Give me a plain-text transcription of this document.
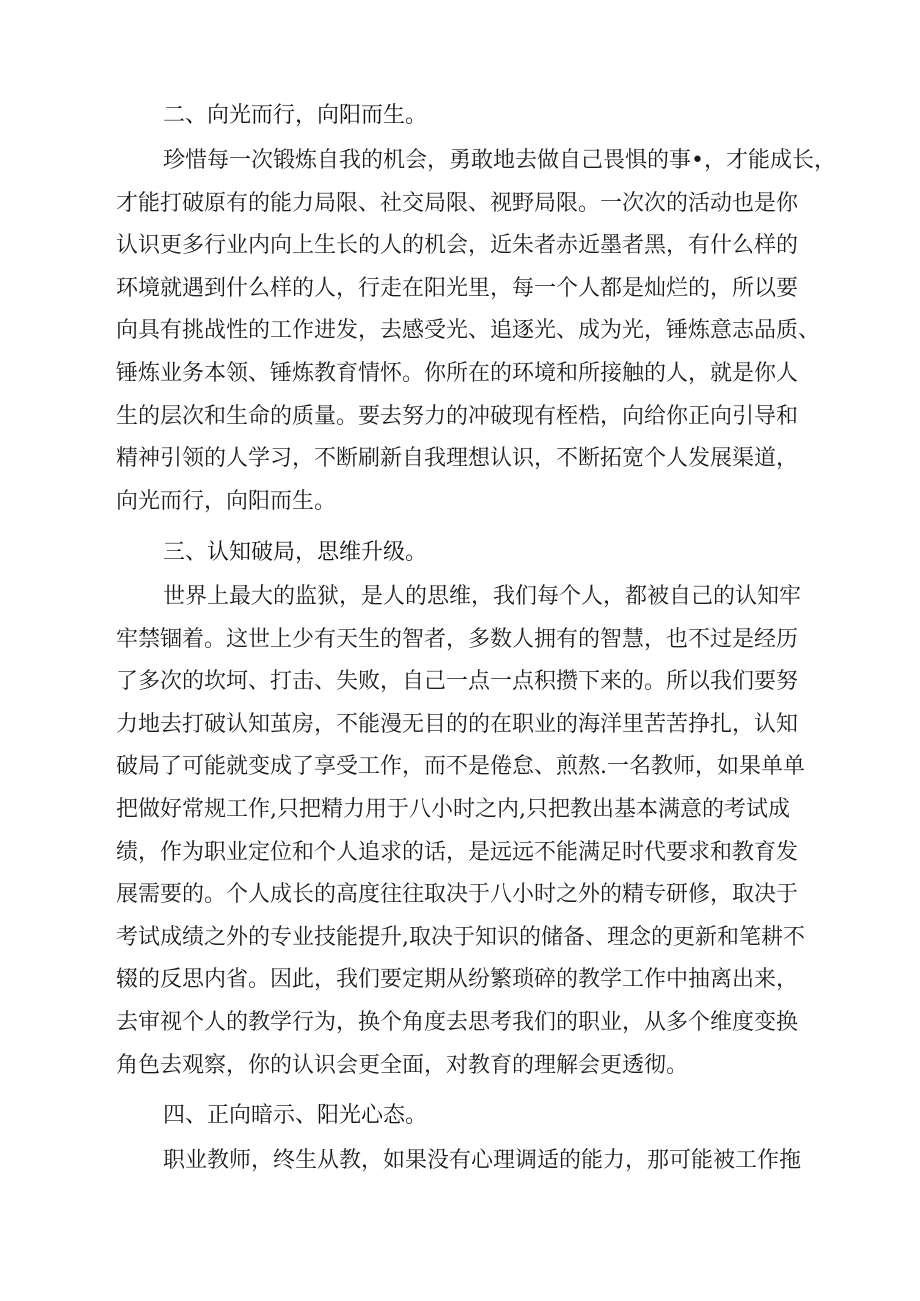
二、向光而行，向阳而生。
珍惜每一次锻炼自我的机会，勇敢地去做自己畏惧的事•，才能成长，
才能打破原有的能力局限、社交局限、视野局限。一次次的活动也是你
认识更多行业内向上生长的人的机会，近朱者赤近墨者黑，有什么样的
环境就遇到什么样的人，行走在阳光里，每一个人都是灿烂的，所以要
向具有挑战性的工作进发，去感受光、追逐光、成为光，锤炼意志品质、
锤炼业务本领、锤炼教育情怀。你所在的环境和所接触的人，就是你人
生的层次和生命的质量。要去努力的冲破现有桎梏，向给你正向引导和
精神引领的人学习，不断刷新自我理想认识，不断拓宽个人发展渠道，
向光而行，向阳而生。
三、认知破局，思维升级。
世界上最大的监狱，是人的思维，我们每个人，都被自己的认知牢
牢禁锢着。这世上少有天生的智者，多数人拥有的智慧，也不过是经历
了多次的坎坷、打击、失败，自己一点一点积攒下来的。所以我们要努
力地去打破认知茧房，不能漫无目的的在职业的海洋里苦苦挣扎，认知
破局了可能就变成了享受工作，而不是倦怠、煎熬.一名教师，如果单单
把做好常规工作,只把精力用于八小时之内,只把教出基本满意的考试成
绩，作为职业定位和个人追求的话，是远远不能满足时代要求和教育发
展需要的。个人成长的高度往往取决于八小时之外的精专研修，取决于
考试成绩之外的专业技能提升,取决于知识的储备、理念的更新和笔耕不
辍的反思内省。因此，我们要定期从纷繁琐碎的教学工作中抽离出来，
去审视个人的教学行为，换个角度去思考我们的职业，从多个维度变换
角色去观察，你的认识会更全面，对教育的理解会更透彻。
四、正向暗示、阳光心态。
职业教师，终生从教，如果没有心理调适的能力，那可能被工作拖
